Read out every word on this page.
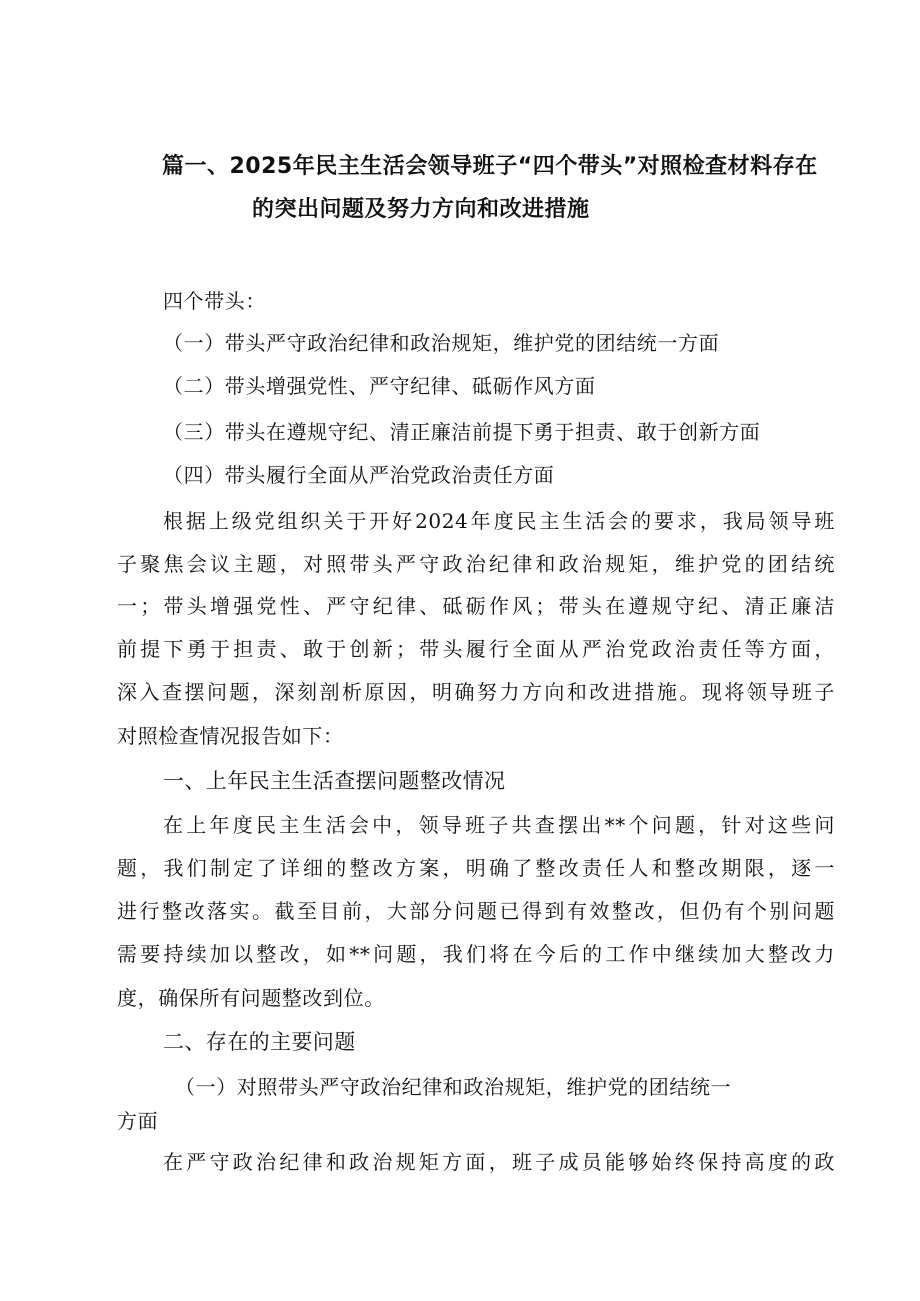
篇一、2025年民主生活会领导班子“四个带头”对照检查材料存在
的突出问题及努力方向和改进措施
四个带头：
（一）带头严守政治纪律和政治规矩，维护党的团结统一方面
（二）带头增强党性、严守纪律、砥砺作风方面
（三）带头在遵规守纪、清正廉洁前提下勇于担责、敢于创新方面
（四）带头履行全面从严治党政治责任方面
根据上级党组织关于开好2024年度民主生活会的要求，我局领导班
子聚焦会议主题，对照带头严守政治纪律和政治规矩，维护党的团结统
一；带头增强党性、严守纪律、砥砺作风；带头在遵规守纪、清正廉洁
前提下勇于担责、敢于创新；带头履行全面从严治党政治责任等方面，
深入查摆问题，深刻剖析原因，明确努力方向和改进措施。现将领导班子
对照检查情况报告如下：
一、上年民主生活查摆问题整改情况
在上年度民主生活会中，领导班子共查摆出**个问题，针对这些问
题，我们制定了详细的整改方案，明确了整改责任人和整改期限，逐一
进行整改落实。截至目前，大部分问题已得到有效整改，但仍有个别问题
需要持续加以整改，如**问题，我们将在今后的工作中继续加大整改力
度，确保所有问题整改到位。
二、存在的主要问题
（一）对照带头严守政治纪律和政治规矩，维护党的团结统一
方面
在严守政治纪律和政治规矩方面，班子成员能够始终保持高度的政
